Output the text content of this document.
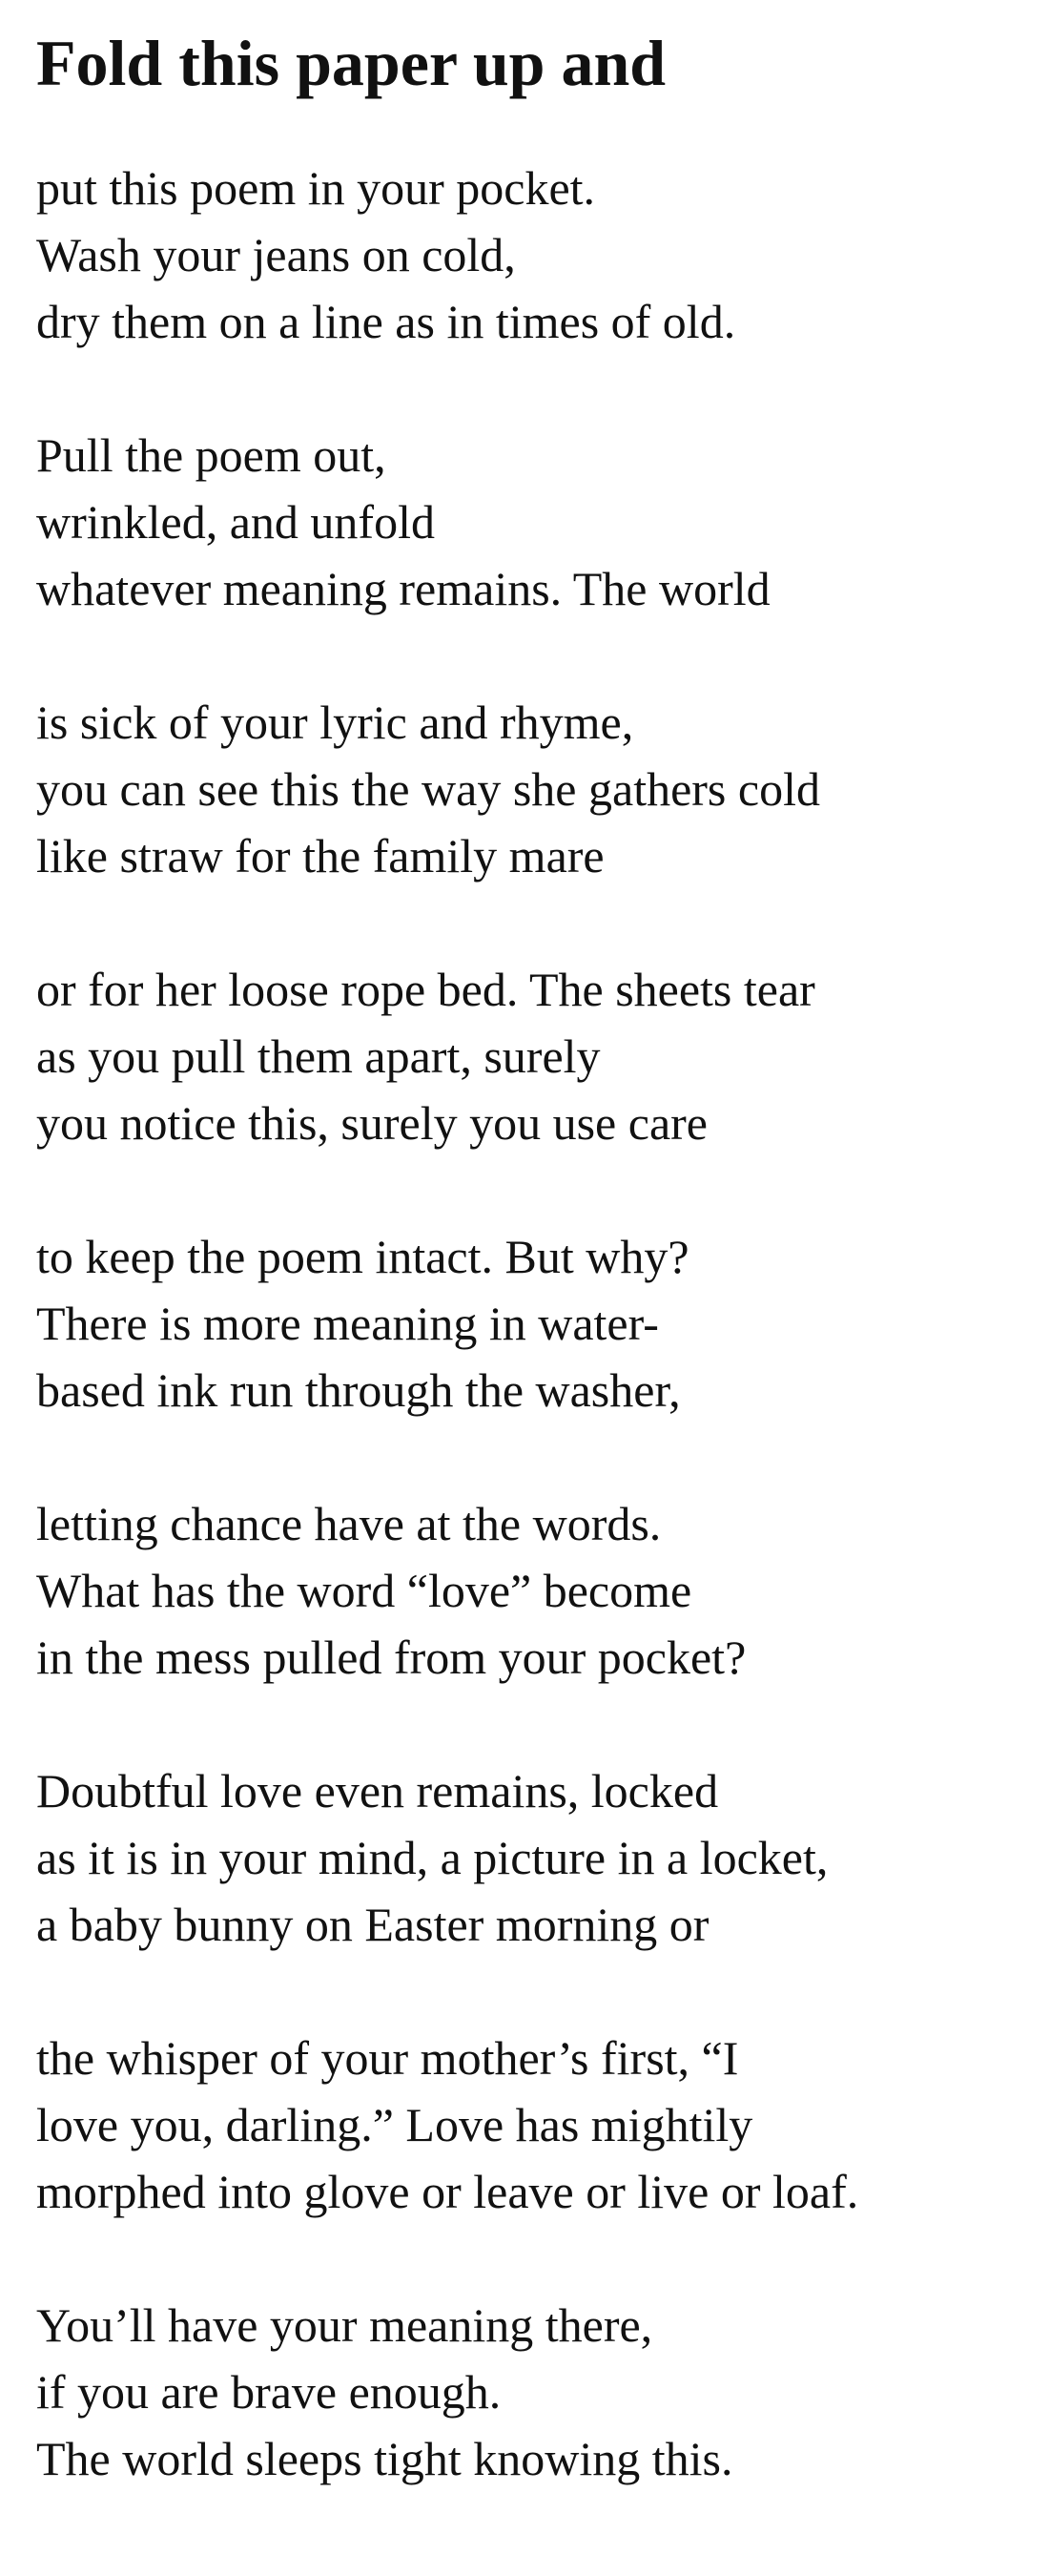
Fold this paper up and
put this poem in your pocket.
Wash your jeans on cold,
dry them on a line as in times of old.
Pull the poem out,
wrinkled, and unfold
whatever meaning remains. The world
is sick of your lyric and rhyme,
you can see this the way she gathers cold
like straw for the family mare
or for her loose rope bed. The sheets tear
as you pull them apart, surely
you notice this, surely you use care
to keep the poem intact. But why?
There is more meaning in water-
based ink run through the washer,
letting chance have at the words.
What has the word “love” become
in the mess pulled from your pocket?
Doubtful love even remains, locked
as it is in your mind, a picture in a locket,
a baby bunny on Easter morning or
the whisper of your mother’s first, “I
love you, darling.” Love has mightily
morphed into glove or leave or live or loaf.
You’ll have your meaning there,
if you are brave enough.
The world sleeps tight knowing this.
